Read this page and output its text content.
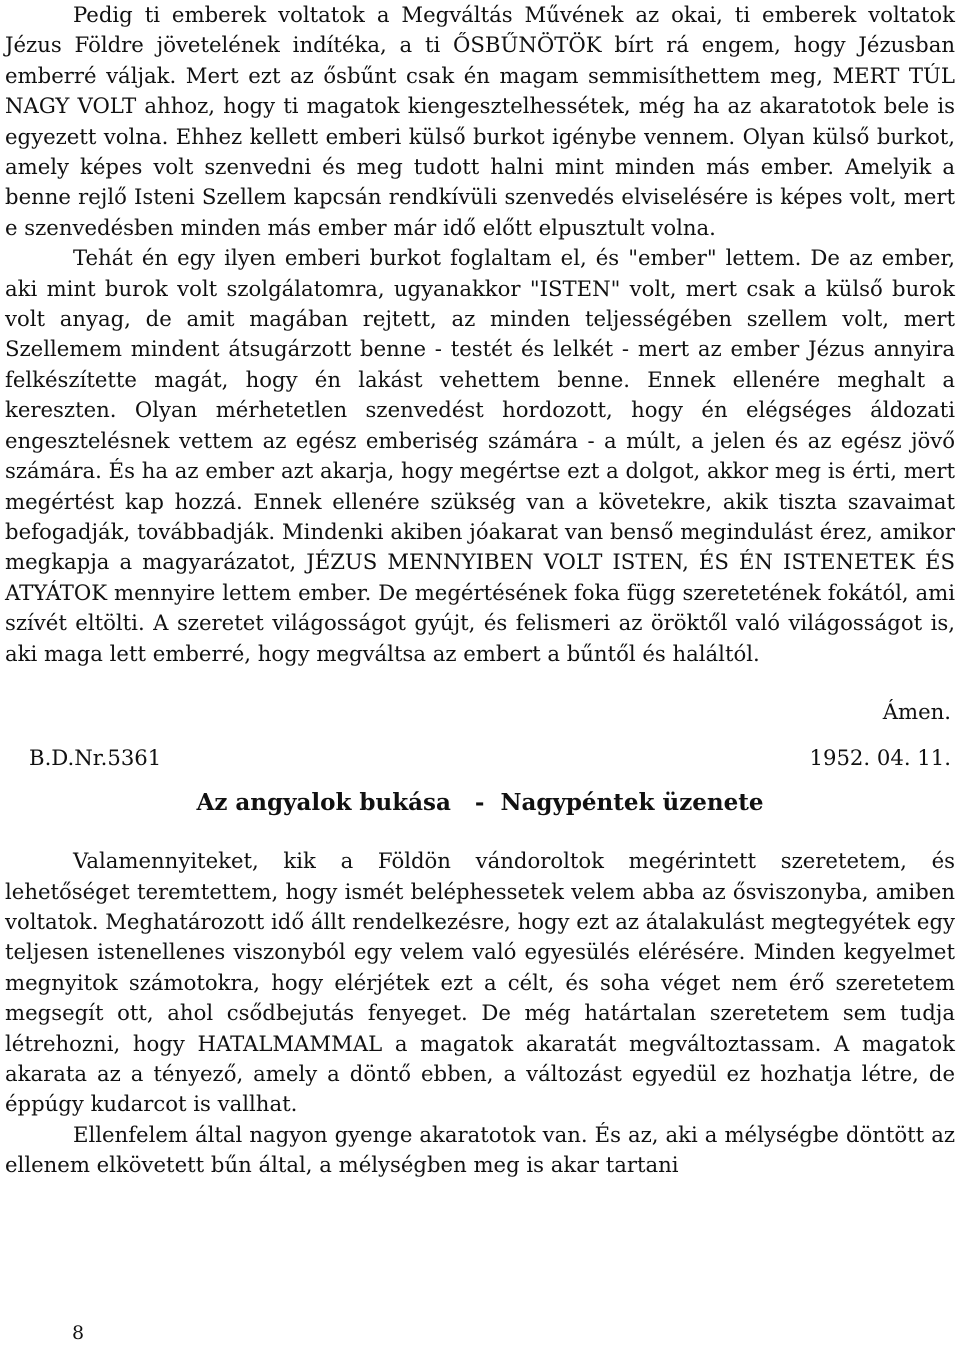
Pedig ti emberek voltatok a Megváltás Művének az okai, ti emberek voltatok Jézus Földre jövetelének indítéka, a ti ŐSBŰNÖTÖK bírt rá engem, hogy Jézusban emberré váljak. Mert ezt az ősbűnt csak én magam semmisíthettem meg, MERT TÚL NAGY VOLT ahhoz, hogy ti magatok kiengesztelhessétek, még ha az akaratotok bele is egyezett volna. Ehhez kellett emberi külső burkot igénybe vennem. Olyan külső burkot, amely képes volt szenvedni és meg tudott halni mint minden más ember. Amelyik a benne rejlő Isteni Szellem kapcsán rendkívüli szenvedés elviselésére is képes volt, mert e szenvedésben minden más ember már idő előtt elpusztult volna.

Tehát én egy ilyen emberi burkot foglaltam el, és "ember" lettem. De az ember, aki mint burok volt szolgálatomra, ugyanakkor "ISTEN" volt, mert csak a külső burok volt anyag, de amit magában rejtett, az minden teljességében szellem volt, mert Szellemem mindent átsugárzott benne - testét és lelkét - mert az ember Jézus annyira felkészítette magát, hogy én lakást vehettem benne. Ennek ellenére meghalt a kereszten. Olyan mérhetetlen szenvedést hordozott, hogy én elégséges áldozati engesztelésnek vettem az egész emberiség számára - a múlt, a jelen és az egész jövő számára. És ha az ember azt akarja, hogy megértse ezt a dolgot, akkor meg is érti, mert megértést kap hozzá. Ennek ellenére szükség van a követekre, akik tiszta szavaimat befogadják, továbbadják. Mindenki akiben jóakarat van benső megindulást érez, amikor megkapja a magyarázatot, JÉZUS MENNYIBEN VOLT ISTEN, ÉS ÉN ISTENETEK ÉS ATYÁTOK mennyire lettem ember. De megértésének foka függ szeretetének fokától, ami szívét eltölti. A szeretet világosságot gyújt, és felismeri az öröktől való világosságot is, aki maga lett emberré, hogy megváltsa az embert a bűntől és haláltól.

Ámen.
B.D.Nr.5361	1952. 04. 11.
Az angyalok bukása   -  Nagypéntek üzenete

Valamennyiteket, kik a Földön vándoroltok megérintett szeretetem, és lehetőséget teremtettem, hogy ismét beléphessetek velem abba az ősviszonyba, amiben voltatok. Meghatározott idő állt rendelkezésre, hogy ezt az átalakulást megtegyétek egy teljesen istenellenes viszonyból egy velem való egyesülés elérésére. Minden kegyelmet megnyitok számotokra, hogy elérjétek ezt a célt, és soha véget nem érő szeretetem megsegít ott, ahol csődbejutás fenyeget. De még határtalan szeretetem sem tudja létrehozni, hogy HATALMAMMAL a magatok akaratát megváltoztassam. A magatok akarata az a tényező, amely a döntő ebben, a változást egyedül ez hozhatja létre, de éppúgy kudarcot is vallhat.

Ellenfelem által nagyon gyenge akaratotok van. És az, aki a mélységbe döntött az ellenem elkövetett bűn által, a mélységben meg is akar tartani

8
